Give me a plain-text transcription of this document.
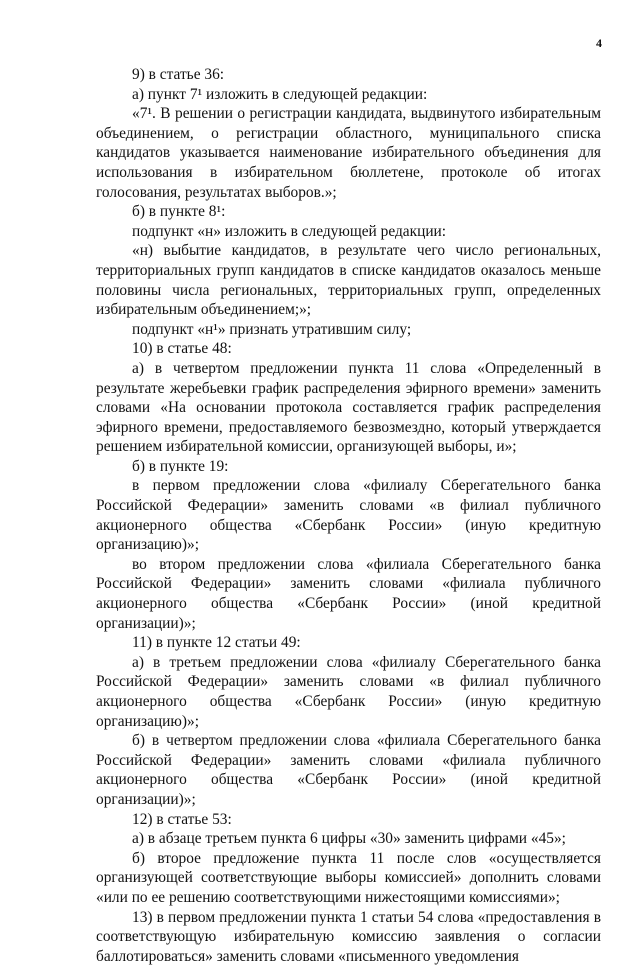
4

9) в статье 36:

а) пункт 7¹ изложить в следующей редакции:

«7¹. В решении о регистрации кандидата, выдвинутого избирательным объединением, о регистрации областного, муниципального списка кандидатов указывается наименование избирательного объединения для использования в избирательном бюллетене, протоколе об итогах голосования, результатах выборов.»;

б) в пункте 8¹:

подпункт «н» изложить в следующей редакции:

«н) выбытие кандидатов, в результате чего число региональных, территориальных групп кандидатов в списке кандидатов оказалось меньше половины числа региональных, территориальных групп, определенных избирательным объединением;»;

подпункт «н¹» признать утратившим силу;

10) в статье 48:

а) в четвертом предложении пункта 11 слова «Определенный в результате жеребьевки график распределения эфирного времени» заменить словами «На основании протокола составляется график распределения эфирного времени, предоставляемого безвозмездно, который утверждается решением избирательной комиссии, организующей выборы, и»;

б) в пункте 19:

в первом предложении слова «филиалу Сберегательного банка Российской Федерации» заменить словами «в филиал публичного акционерного общества «Сбербанк России» (иную кредитную организацию)»;

во втором предложении слова «филиала Сберегательного банка Российской Федерации» заменить словами «филиала публичного акционерного общества «Сбербанк России» (иной кредитной организации)»;

11) в пункте 12 статьи 49:

а) в третьем предложении слова «филиалу Сберегательного банка Российской Федерации» заменить словами «в филиал публичного акционерного общества «Сбербанк России» (иную кредитную организацию)»;

б) в четвертом предложении слова «филиала Сберегательного банка Российской Федерации» заменить словами «филиала публичного акционерного общества «Сбербанк России» (иной кредитной организации)»;

12) в статье 53:

а) в абзаце третьем пункта 6 цифры «30» заменить цифрами «45»;

б) второе предложение пункта 11 после слов «осуществляется организующей соответствующие выборы комиссией» дополнить словами «или по ее решению соответствующими нижестоящими комиссиями»;

13) в первом предложении пункта 1 статьи 54 слова «предоставления в соответствующую избирательную комиссию заявления о согласии баллотироваться» заменить словами «письменного уведомления
